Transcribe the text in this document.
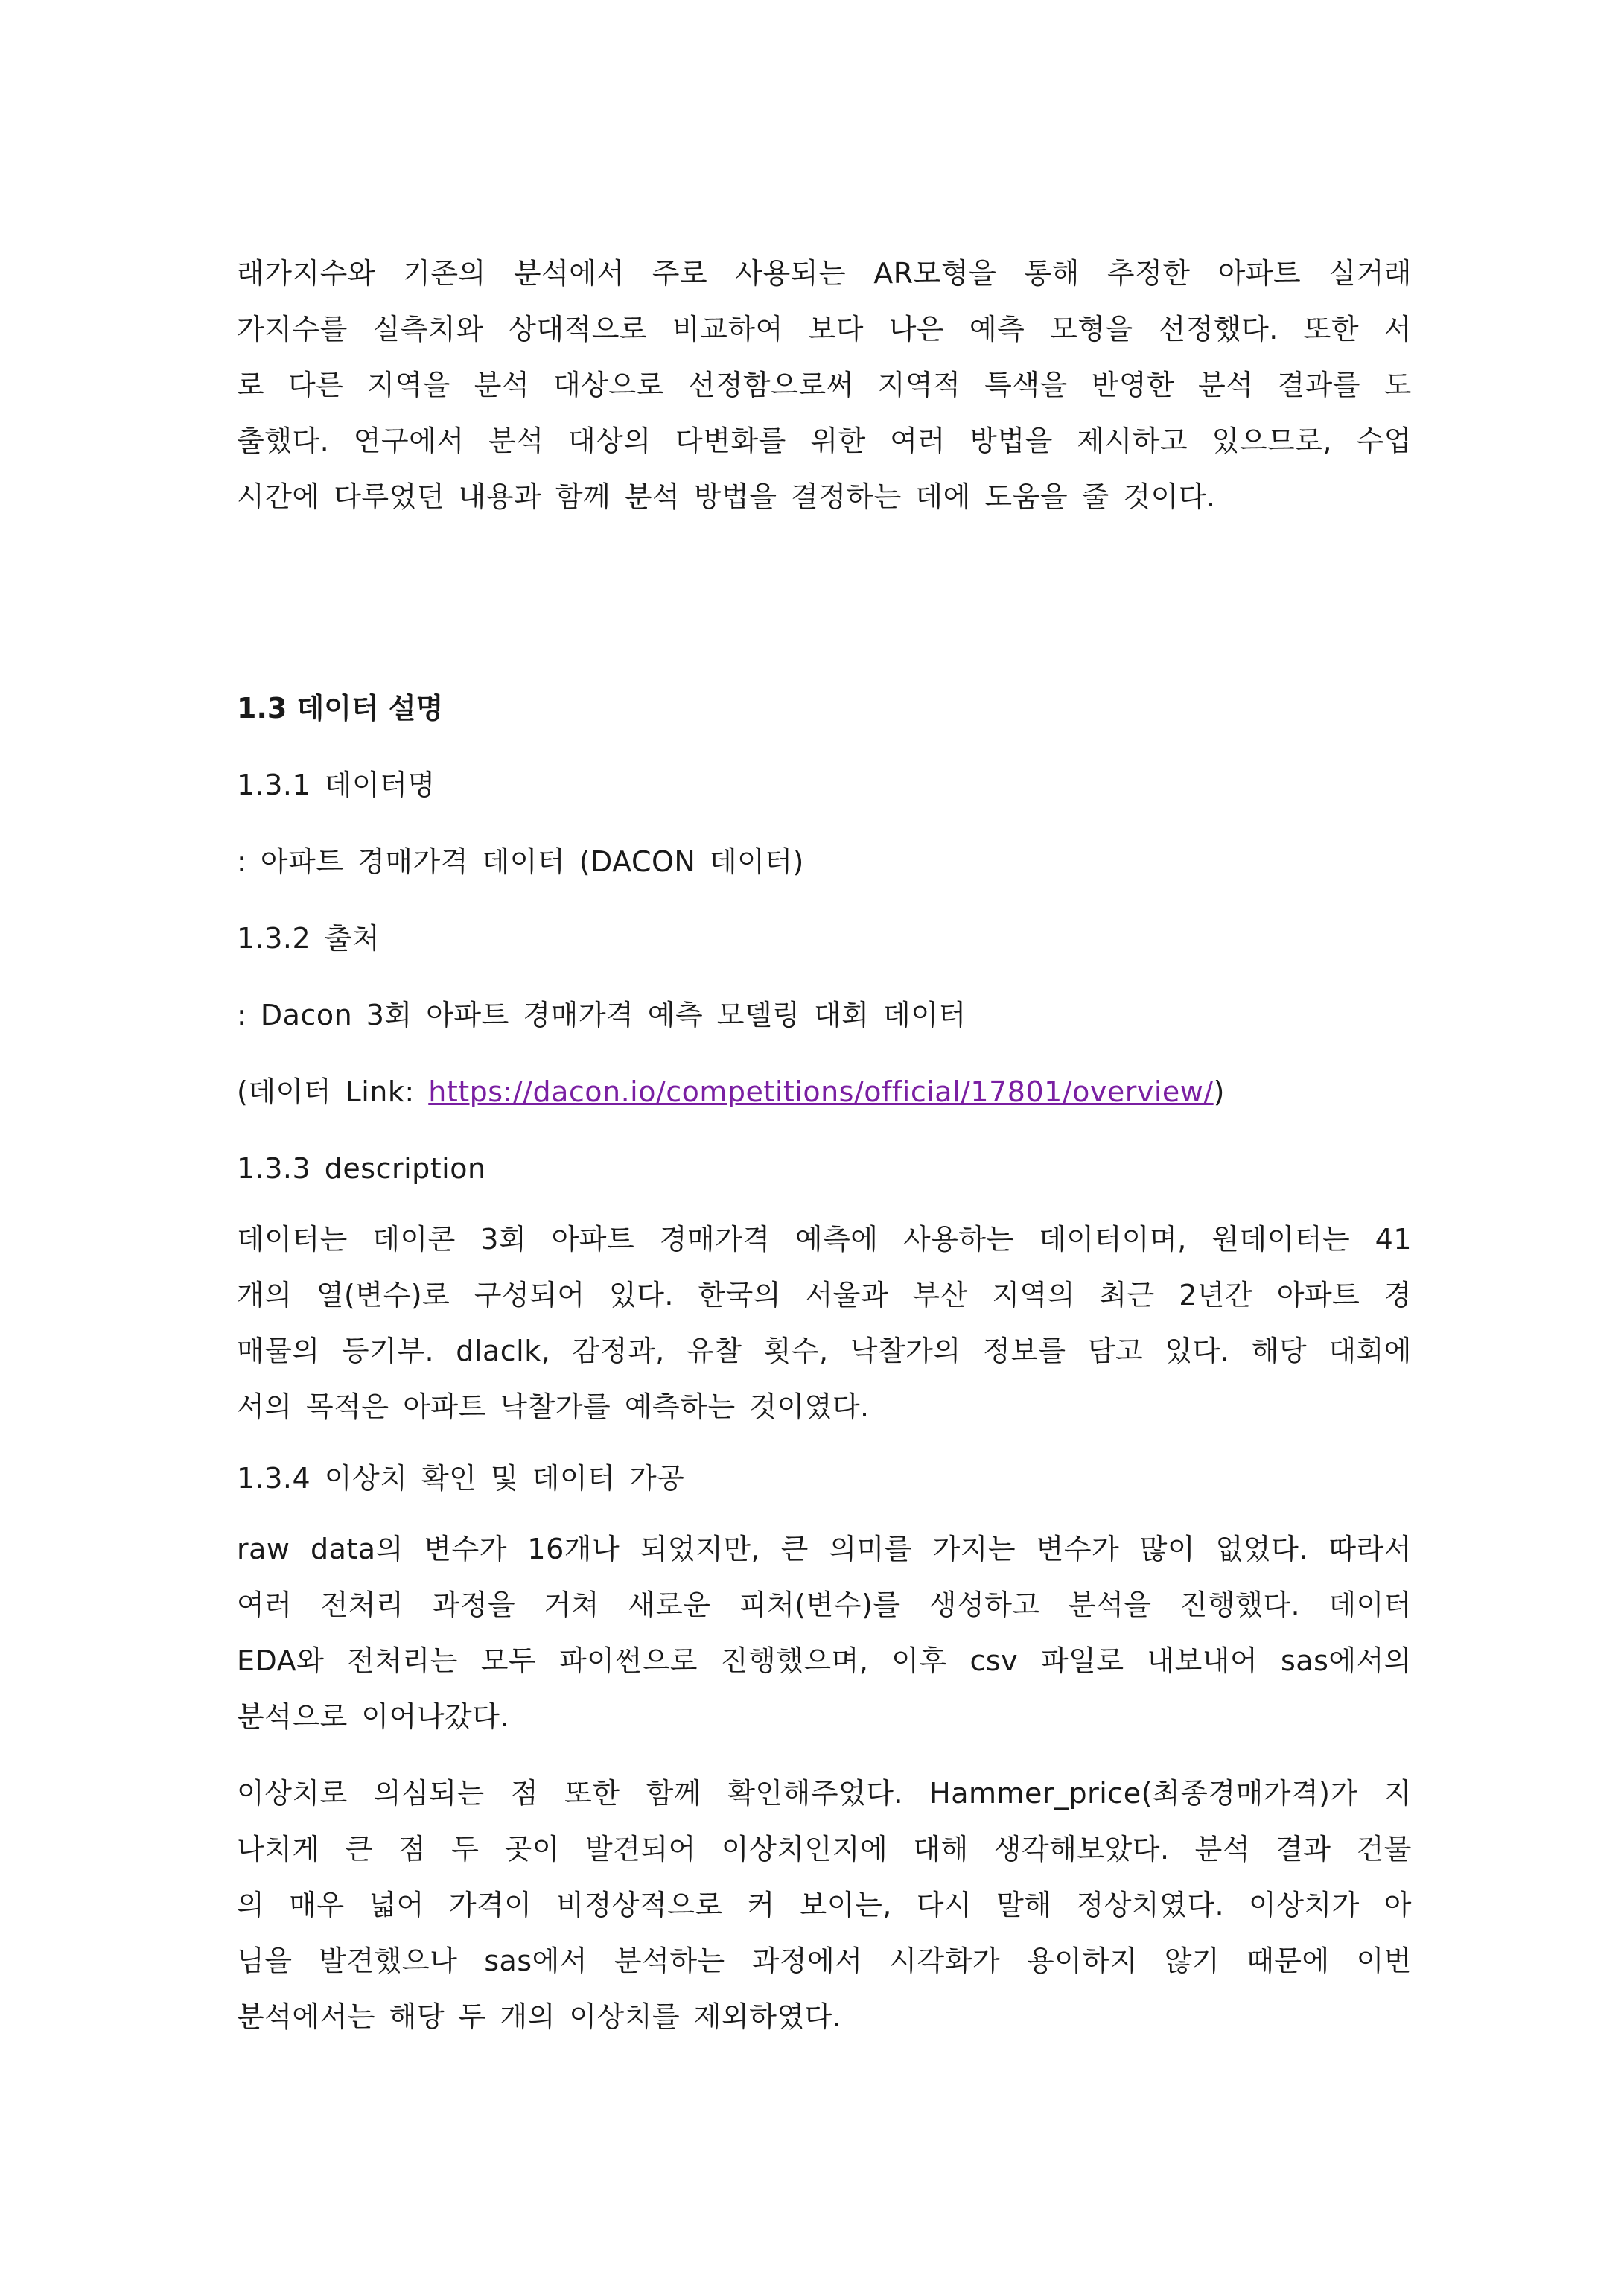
래가지수와 기존의 분석에서 주로 사용되는 AR모형을 통해 추정한 아파트 실거래
가지수를 실측치와 상대적으로 비교하여 보다 나은 예측 모형을 선정했다. 또한 서
로 다른 지역을 분석 대상으로 선정함으로써 지역적 특색을 반영한 분석 결과를 도
출했다. 연구에서 분석 대상의 다변화를 위한 여러 방법을 제시하고 있으므로, 수업
시간에 다루었던 내용과 함께 분석 방법을 결정하는 데에 도움을 줄 것이다.

1.3 데이터 설명

1.3.1 데이터명

: 아파트 경매가격 데이터 (DACON 데이터)

1.3.2 출처

: Dacon 3회 아파트 경매가격 예측 모델링 대회 데이터

(데이터 Link: https://dacon.io/competitions/official/17801/overview/)

1.3.3 description

데이터는 데이콘 3회 아파트 경매가격 예측에 사용하는 데이터이며, 원데이터는 41
개의 열(변수)로 구성되어 있다. 한국의 서울과 부산 지역의 최근 2년간 아파트 경
매물의 등기부. dlaclk, 감정과, 유찰 횟수, 낙찰가의 정보를 담고 있다. 해당 대회에
서의 목적은 아파트 낙찰가를 예측하는 것이였다.

1.3.4 이상치 확인 및 데이터 가공

raw data의 변수가 16개나 되었지만, 큰 의미를 가지는 변수가 많이 없었다. 따라서
여러 전처리 과정을 거쳐 새로운 피처(변수)를 생성하고 분석을 진행했다. 데이터
EDA와 전처리는 모두 파이썬으로 진행했으며, 이후 csv 파일로 내보내어 sas에서의
분석으로 이어나갔다.
이상치로 의심되는 점 또한 함께 확인해주었다. Hammer_price(최종경매가격)가 지
나치게 큰 점 두 곳이 발견되어 이상치인지에 대해 생각해보았다. 분석 결과 건물
의 매우 넓어 가격이 비정상적으로 커 보이는, 다시 말해 정상치였다. 이상치가 아
님을 발견했으나 sas에서 분석하는 과정에서 시각화가 용이하지 않기 때문에 이번
분석에서는 해당 두 개의 이상치를 제외하였다.
